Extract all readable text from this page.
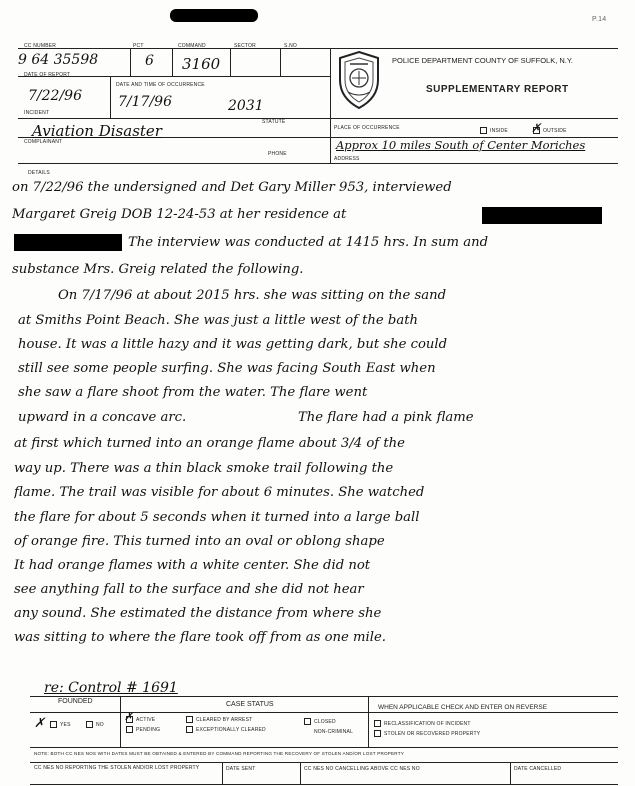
P.14
CC NUMBER
9 64 35598
PCT
6
COMMAND
3160
SECTOR	S.NO
DATE OF REPORT
7/22/96
DATE AND TIME OF OCCURRENCE
7/17/96	2031
INCIDENT
Aviation Disaster	STATUTE
PLACE OF OCCURRENCE	INSIDE ✗ OUTSIDE
COMPLAINANT
PHONE
Approx 10 miles South of Center Moriches
ADDRESS
DETAILS
POLICE DEPARTMENT COUNTY OF SUFFOLK, N.Y.
SUPPLEMENTARY REPORT
on 7/22/96 the undersigned and Det Gary Miller 953, interviewed
Margaret Greig DOB 12-24-53 at her residence at
The interview was conducted at 1415 hrs. In sum and
substance Mrs. Greig related the following.
On 7/17/96 at about 2015 hrs. she was sitting on the sand
at Smiths Point Beach. She was just a little west of the bath
house. It was a little hazy and it was getting dark, but she could
still see some people surfing. She was facing South East when
she saw a flare shoot from the water. The flare went
upward in a concave arc.	The flare had a pink flame
at first which turned into an orange flame about 3/4 of the
way up. There was a thin black smoke trail following the
flame. The trail was visible for about 6 minutes. She watched
the flare for about 5 seconds when it turned into a large ball
of orange fire. This turned into an oval or oblong shape
It had orange flames with a white center. She did not
see anything fall to the surface and she did not hear
any sound. She estimated the distance from where she
was sitting to where the flare took off from as one mile.
re: Control # 1691
FOUNDED	CASE STATUS	WHEN APPLICABLE CHECK AND ENTER ON REVERSE
✗	YES	NO
✗ ACTIVE
PENDING
CLEARED BY ARREST
EXCEPTIONALLY CLEARED
CLOSED
NON-CRIMINAL
RECLASSIFICATION OF INCIDENT
STOLEN OR RECOVERED PROPERTY
NOTE: BOTH CC NES NOS WITH DATES MUST BE OBTAINED & ENTERED BY COMMAND REPORTING THE RECOVERY OF STOLEN AND/OR LOST PROPERTY
CC NES NO REPORTING THE STOLEN AND/OR LOST PROPERTY	DATE SENT	CC NES NO CANCELLING ABOVE CC NES NO	DATE CANCELLED
